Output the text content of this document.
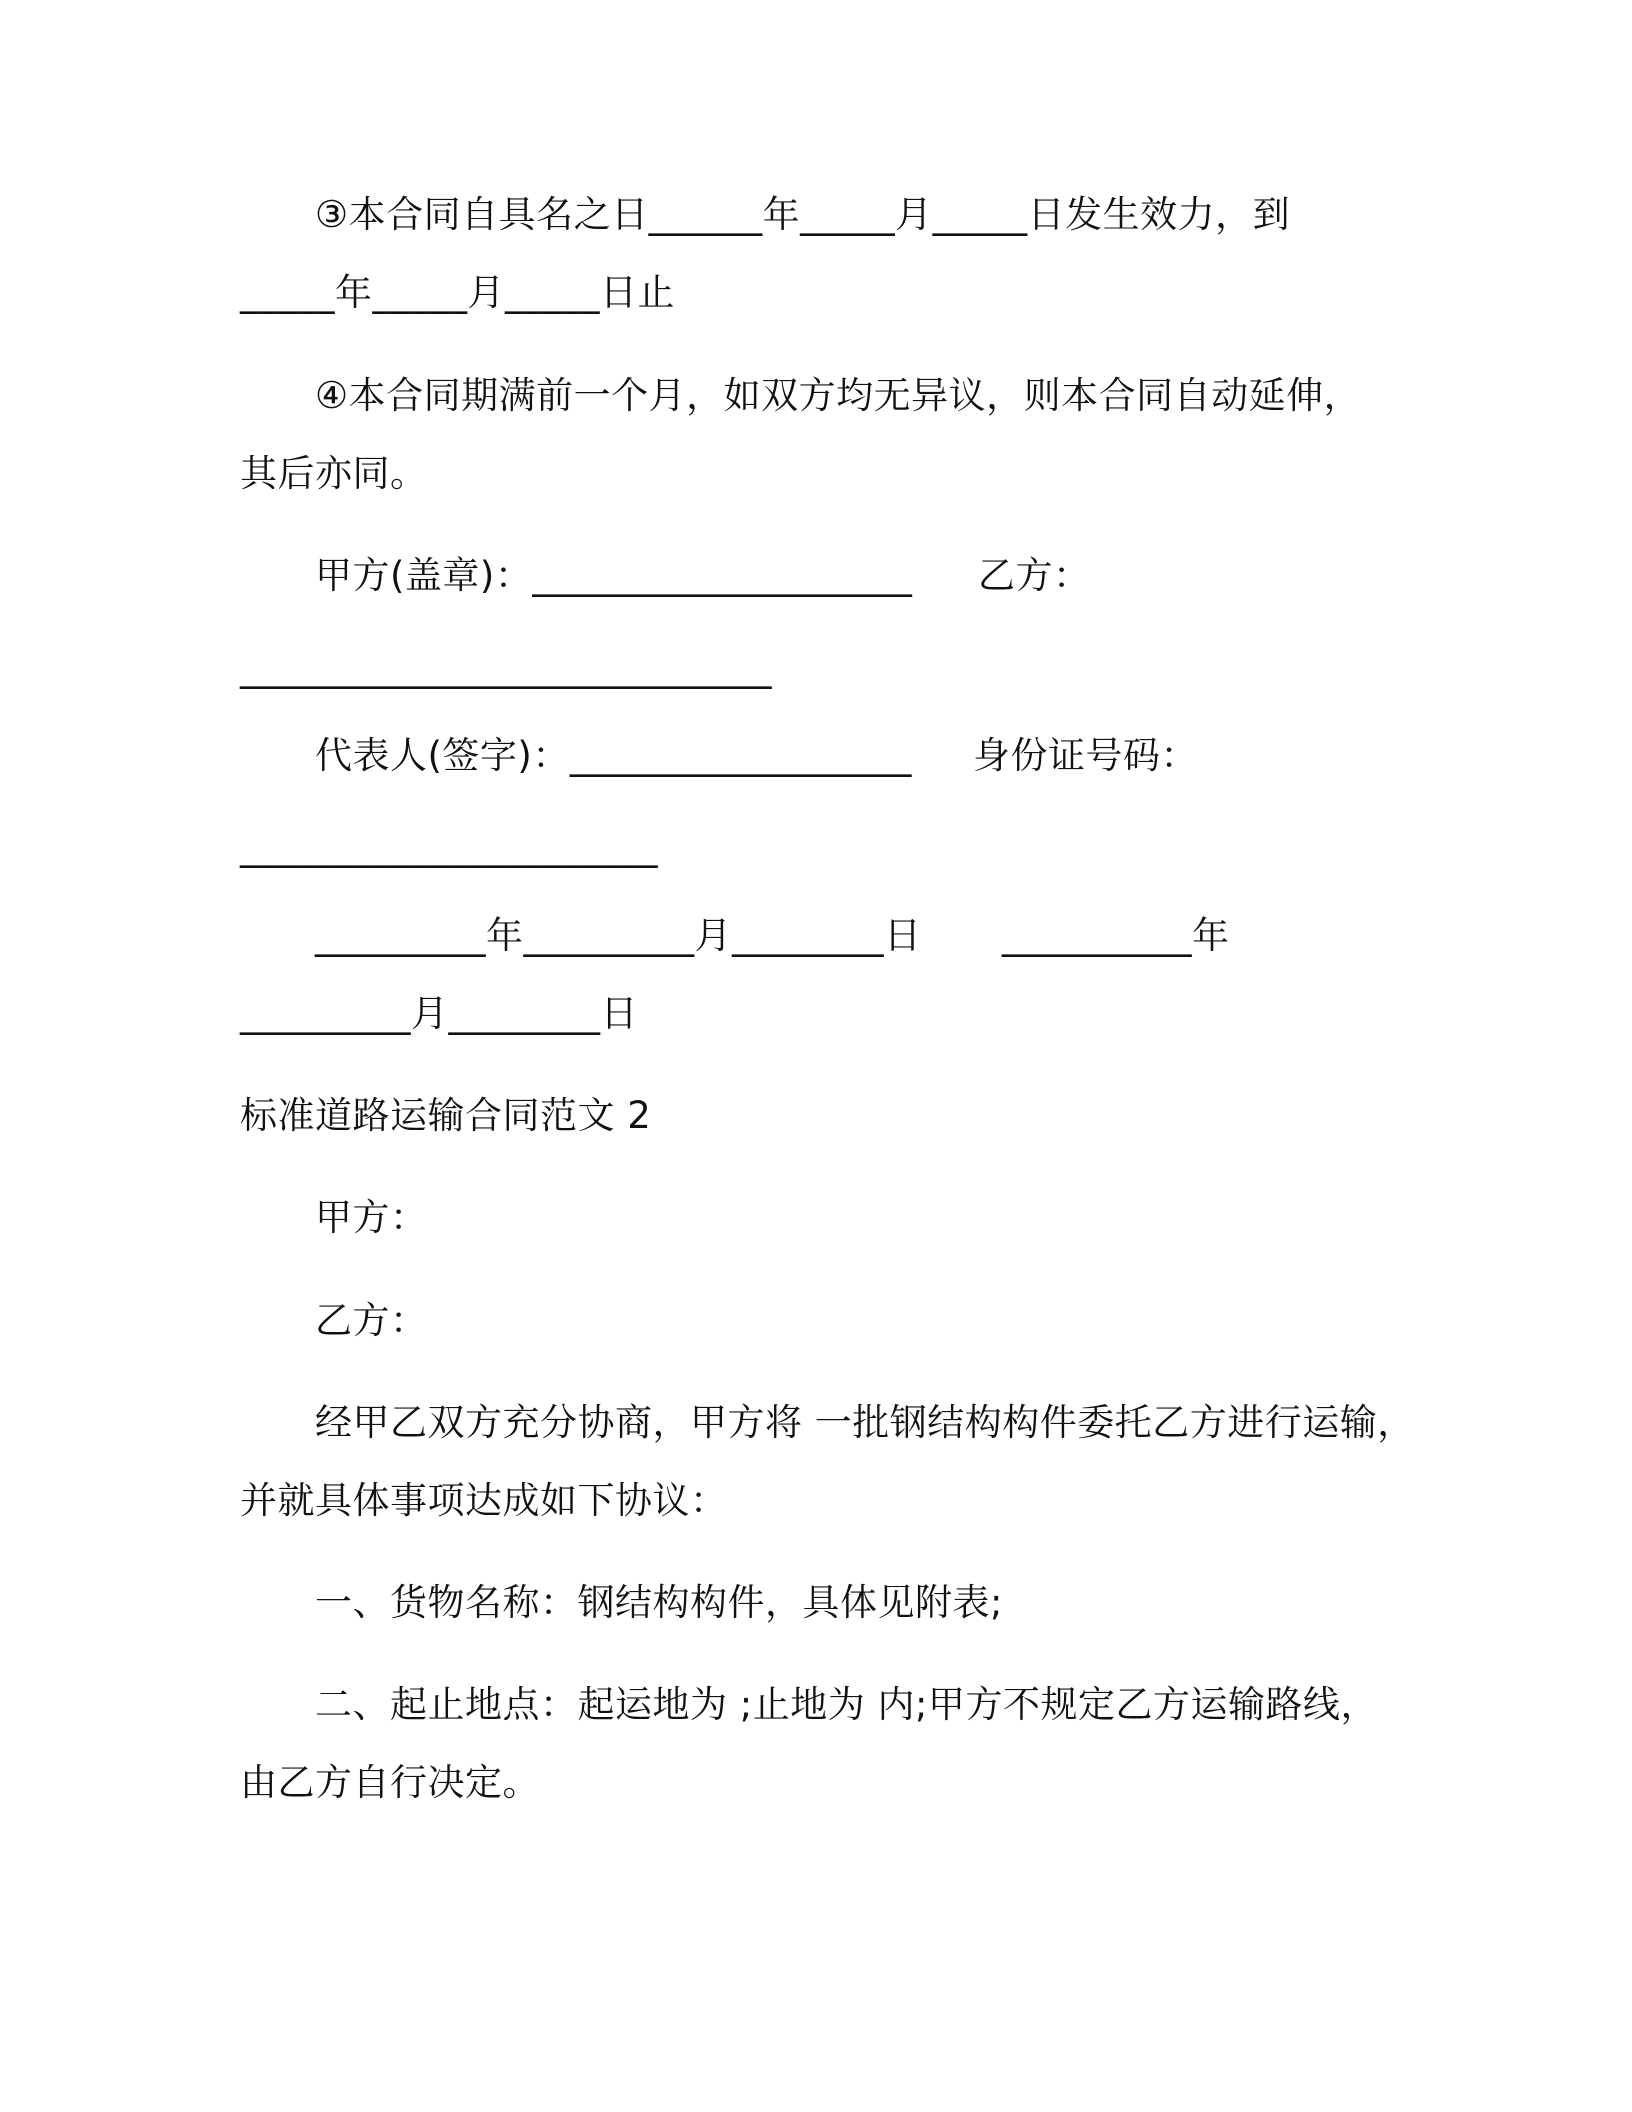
③本合同自具名之日______年_____月_____日发生效力，到
_____年_____月_____日止
④本合同期满前一个月，如双方均无异议，则本合同自动延伸，
其后亦同。
甲方(盖章)：____________________ 乙方：
____________________________
代表人(签字)：__________________ 身份证号码：
______________________
_________年_________月________日 __________年
_________月________日
标准道路运输合同范文 2
甲方：
乙方：
经甲乙双方充分协商，甲方将 一批钢结构构件委托乙方进行运输，
并就具体事项达成如下协议：
一、货物名称：钢结构构件，具体见附表;
二、起止地点：起运地为 ;止地为 内;甲方不规定乙方运输路线，
由乙方自行决定。
